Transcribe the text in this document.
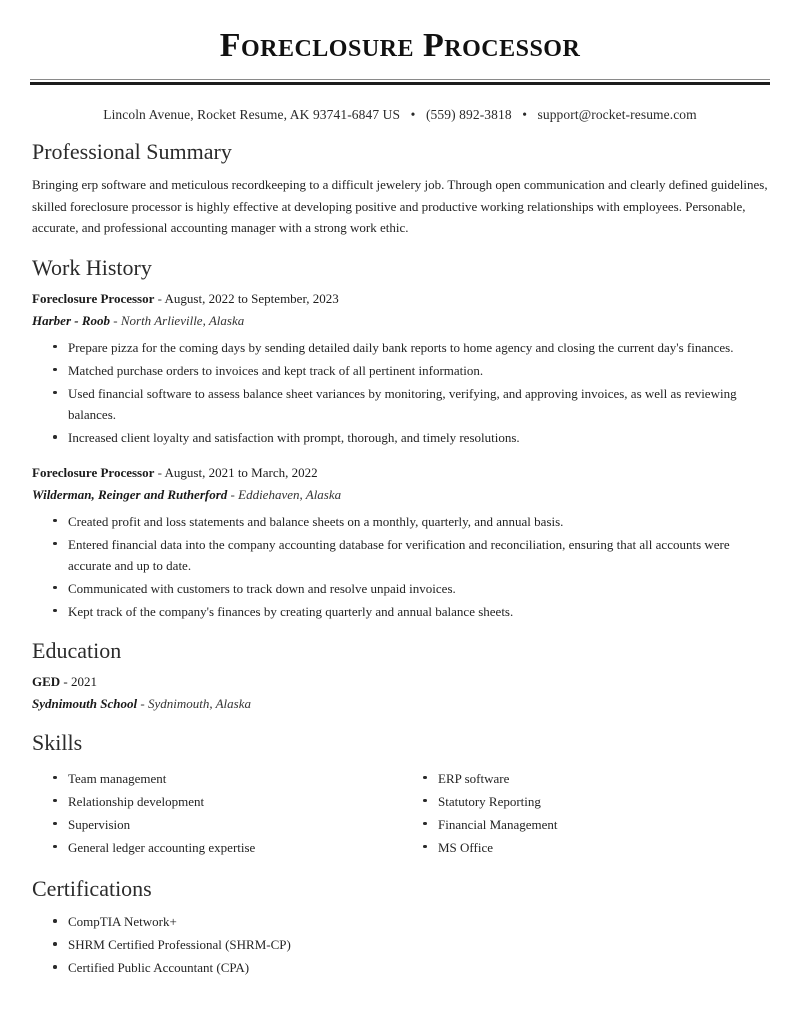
Foreclosure Processor
Lincoln Avenue, Rocket Resume, AK 93741-6847 US • (559) 892-3818 • support@rocket-resume.com
Professional Summary

Bringing erp software and meticulous recordkeeping to a difficult jewelery job. Through open communication and clearly defined guidelines, skilled foreclosure processor is highly effective at developing positive and productive working relationships with employees. Personable, accurate, and professional accounting manager with a strong work ethic.

Work History

Foreclosure Processor - August, 2022 to September, 2023

Harber - Roob - North Arlieville, Alaska

Prepare pizza for the coming days by sending detailed daily bank reports to home agency and closing the current day's finances.
Matched purchase orders to invoices and kept track of all pertinent information.
Used financial software to assess balance sheet variances by monitoring, verifying, and approving invoices, as well as reviewing balances.
Increased client loyalty and satisfaction with prompt, thorough, and timely resolutions.

Foreclosure Processor - August, 2021 to March, 2022

Wilderman, Reinger and Rutherford - Eddiehaven, Alaska

Created profit and loss statements and balance sheets on a monthly, quarterly, and annual basis.
Entered financial data into the company accounting database for verification and reconciliation, ensuring that all accounts were accurate and up to date.
Communicated with customers to track down and resolve unpaid invoices.
Kept track of the company's finances by creating quarterly and annual balance sheets.
Education

GED - 2021

Sydnimouth School - Sydnimouth, Alaska

Skills
Team management
Relationship development
Supervision
General ledger accounting expertise
ERP software
Statutory Reporting
Financial Management
MS Office
Certifications
CompTIA Network+
SHRM Certified Professional (SHRM-CP)
Certified Public Accountant (CPA)
